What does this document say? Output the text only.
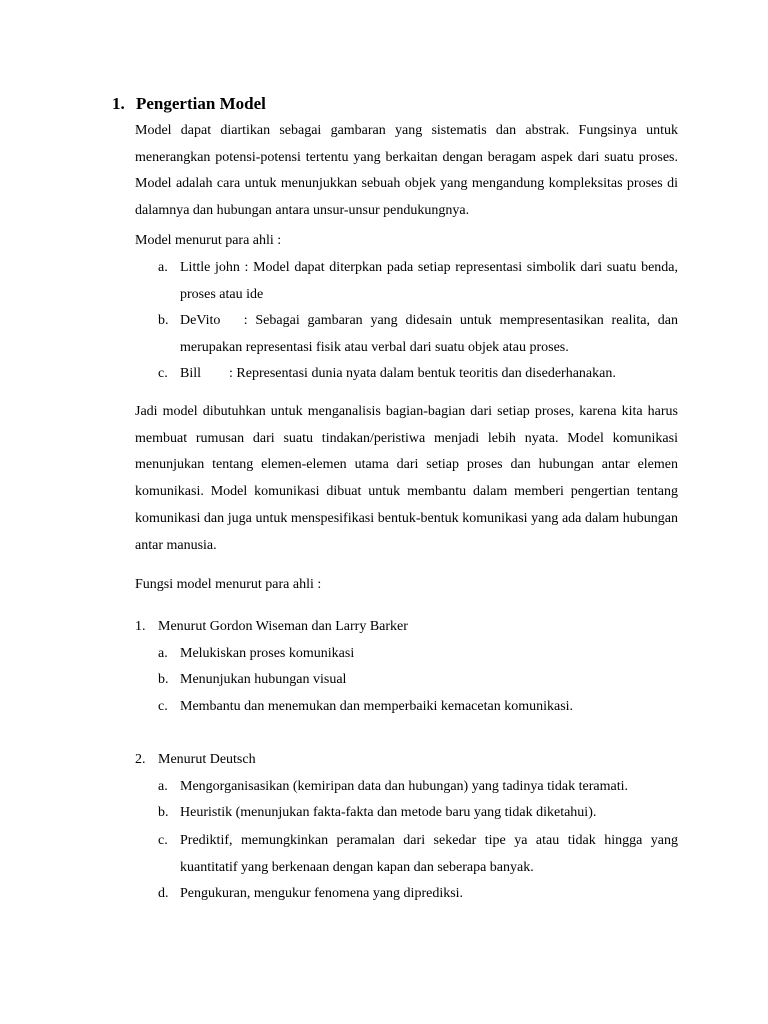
1. Pengertian Model
Model dapat diartikan sebagai gambaran yang sistematis dan abstrak. Fungsinya untuk menerangkan potensi-potensi tertentu yang berkaitan dengan beragam aspek dari suatu proses. Model adalah cara untuk menunjukkan sebuah objek yang mengandung kompleksitas proses di dalamnya dan hubungan antara unsur-unsur pendukungnya.
Model menurut para ahli :
a. Little john : Model dapat diterpkan pada setiap representasi simbolik dari suatu benda, proses atau ide
b. DeVito   : Sebagai gambaran yang didesain untuk mempresentasikan realita, dan merupakan representasi fisik atau verbal dari suatu objek atau proses.
c. Bill        : Representasi dunia nyata dalam bentuk teoritis dan disederhanakan.
Jadi model dibutuhkan untuk menganalisis bagian-bagian dari setiap proses, karena kita harus membuat rumusan dari suatu tindakan/peristiwa menjadi lebih nyata. Model komunikasi menunjukan tentang elemen-elemen utama dari setiap proses dan hubungan antar elemen komunikasi. Model komunikasi dibuat untuk membantu dalam memberi pengertian tentang komunikasi dan juga untuk menspesifikasi bentuk-bentuk komunikasi yang ada dalam hubungan antar manusia.
Fungsi model menurut para ahli :
1. Menurut Gordon Wiseman dan Larry Barker
a. Melukiskan proses komunikasi
b. Menunjukan hubungan visual
c. Membantu dan menemukan dan memperbaiki kemacetan komunikasi.
2. Menurut Deutsch
a. Mengorganisasikan (kemiripan data dan hubungan) yang tadinya tidak teramati.
b. Heuristik (menunjukan fakta-fakta dan metode baru yang tidak diketahui).
c. Prediktif, memungkinkan peramalan dari sekedar tipe ya atau tidak hingga yang kuantitatif yang berkenaan dengan kapan dan seberapa banyak.
d. Pengukuran, mengukur fenomena yang diprediksi.
